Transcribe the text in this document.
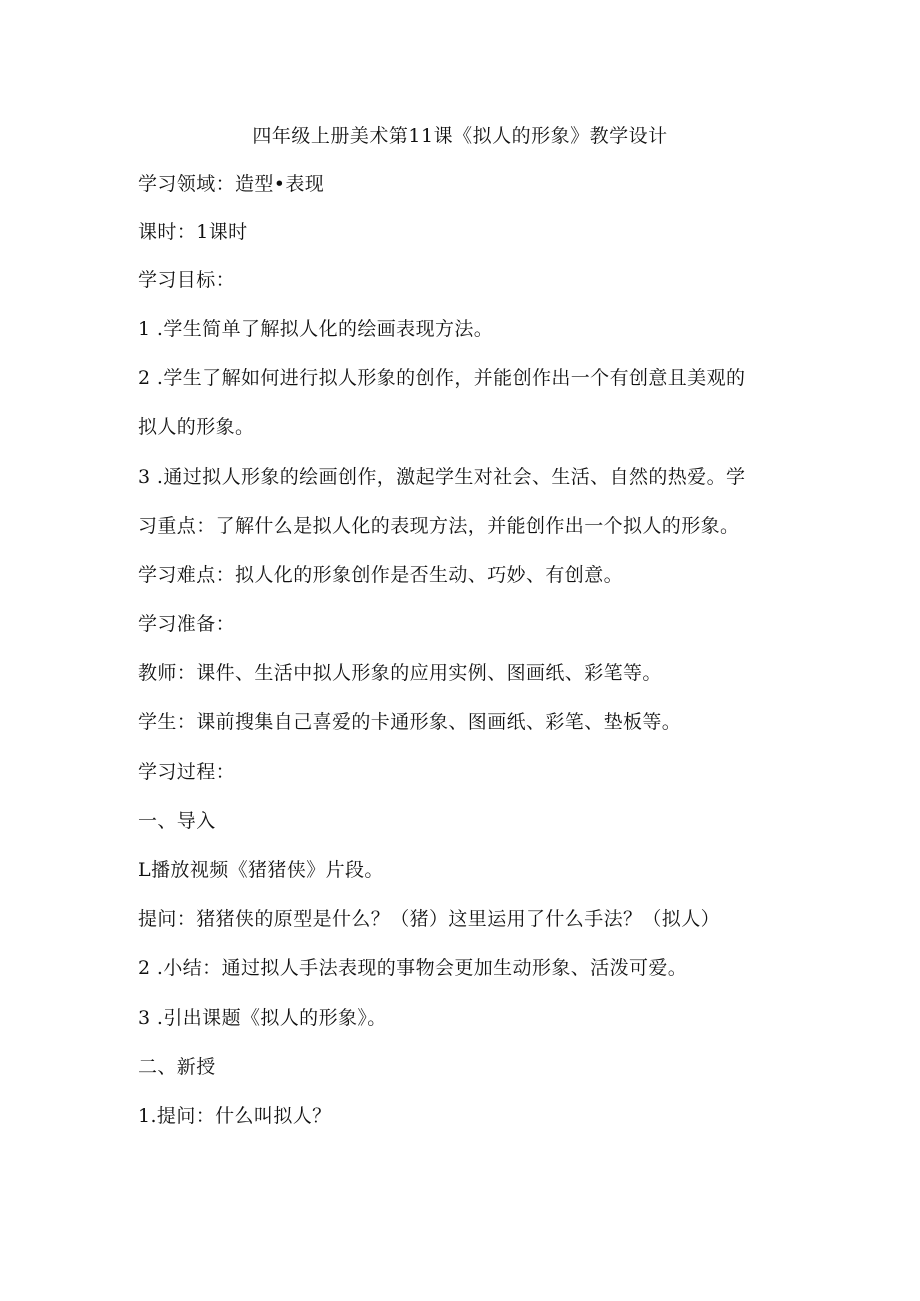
四年级上册美术第11课《拟人的形象》教学设计
学习领域：造型•表现
课时：1课时
学习目标：
1 .学生简单了解拟人化的绘画表现方法。
2 .学生了解如何进行拟人形象的创作，并能创作出一个有创意且美观的
拟人的形象。
3 .通过拟人形象的绘画创作，激起学生对社会、生活、自然的热爱。学
习重点：了解什么是拟人化的表现方法，并能创作出一个拟人的形象。
学习难点：拟人化的形象创作是否生动、巧妙、有创意。
学习准备：
教师：课件、生活中拟人形象的应用实例、图画纸、彩笔等。
学生：课前搜集自己喜爱的卡通形象、图画纸、彩笔、垫板等。
学习过程：
一、导入
L播放视频《猪猪侠》片段。
提问：猪猪侠的原型是什么？（猪）这里运用了什么手法？（拟人）
2 .小结：通过拟人手法表现的事物会更加生动形象、活泼可爱。
3 .引出课题《拟人的形象》。
二、新授
1.提问：什么叫拟人？
